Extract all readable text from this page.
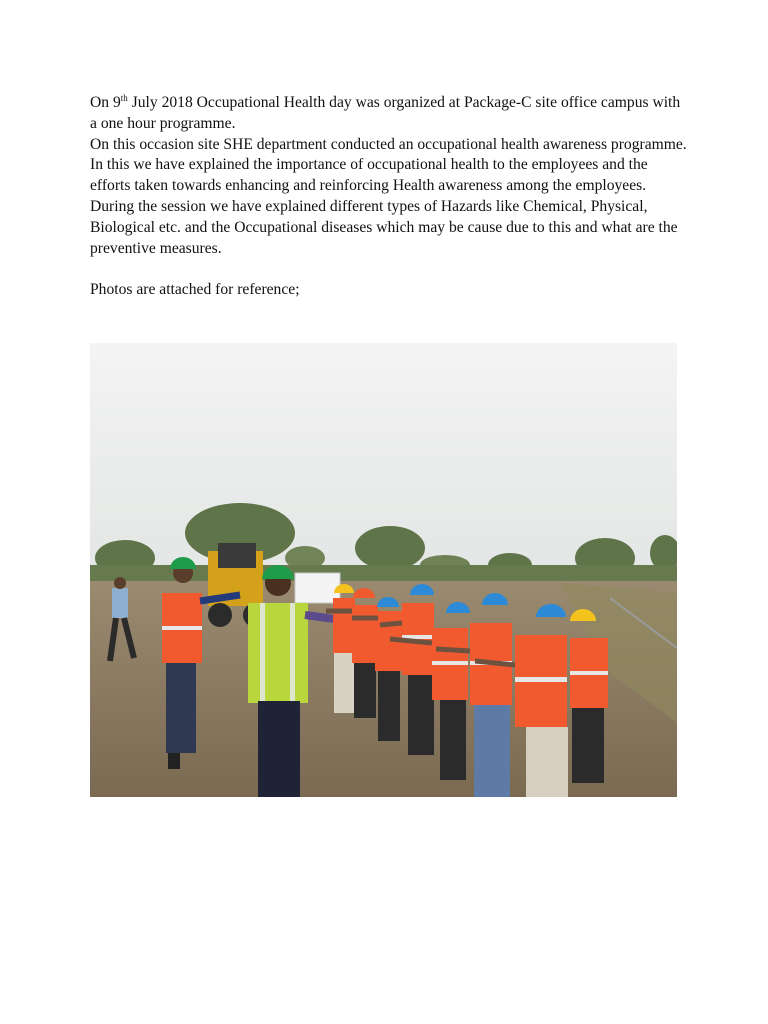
On 9th July 2018 Occupational Health day was organized at Package-C site office campus with a one hour programme.

On this occasion site SHE department conducted an occupational health awareness programme. In this we have explained the importance of occupational health to the employees and the efforts taken towards enhancing and reinforcing Health awareness among the employees. During the session we have explained different types of Hazards like Chemical, Physical, Biological etc. and the Occupational diseases which may be cause due to this and what are the preventive measures.

Photos are attached for reference;
